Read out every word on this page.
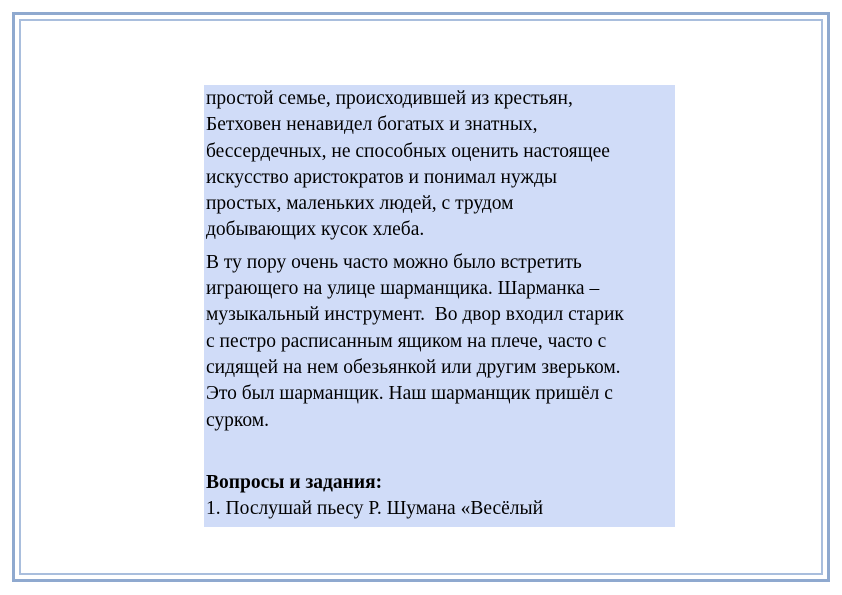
простой семье, происходившей из крестьян,

Бетховен ненавидел богатых и знатных,

бессердечных, не способных оценить настоящее

искусство аристократов и понимал нужды

простых, маленьких людей, с трудом

добывающих кусок хлеба.

В ту пору очень часто можно было встретить

играющего на улице шарманщика. Шарманка –

музыкальный инструмент.  Во двор входил старик

с пестро расписанным ящиком на плече, часто с

сидящей на нем обезьянкой или другим зверьком.

Это был шарманщик. Наш шарманщик пришёл с

сурком.

Вопросы и задания:

1. Послушай пьесу Р. Шумана «Весёлый
